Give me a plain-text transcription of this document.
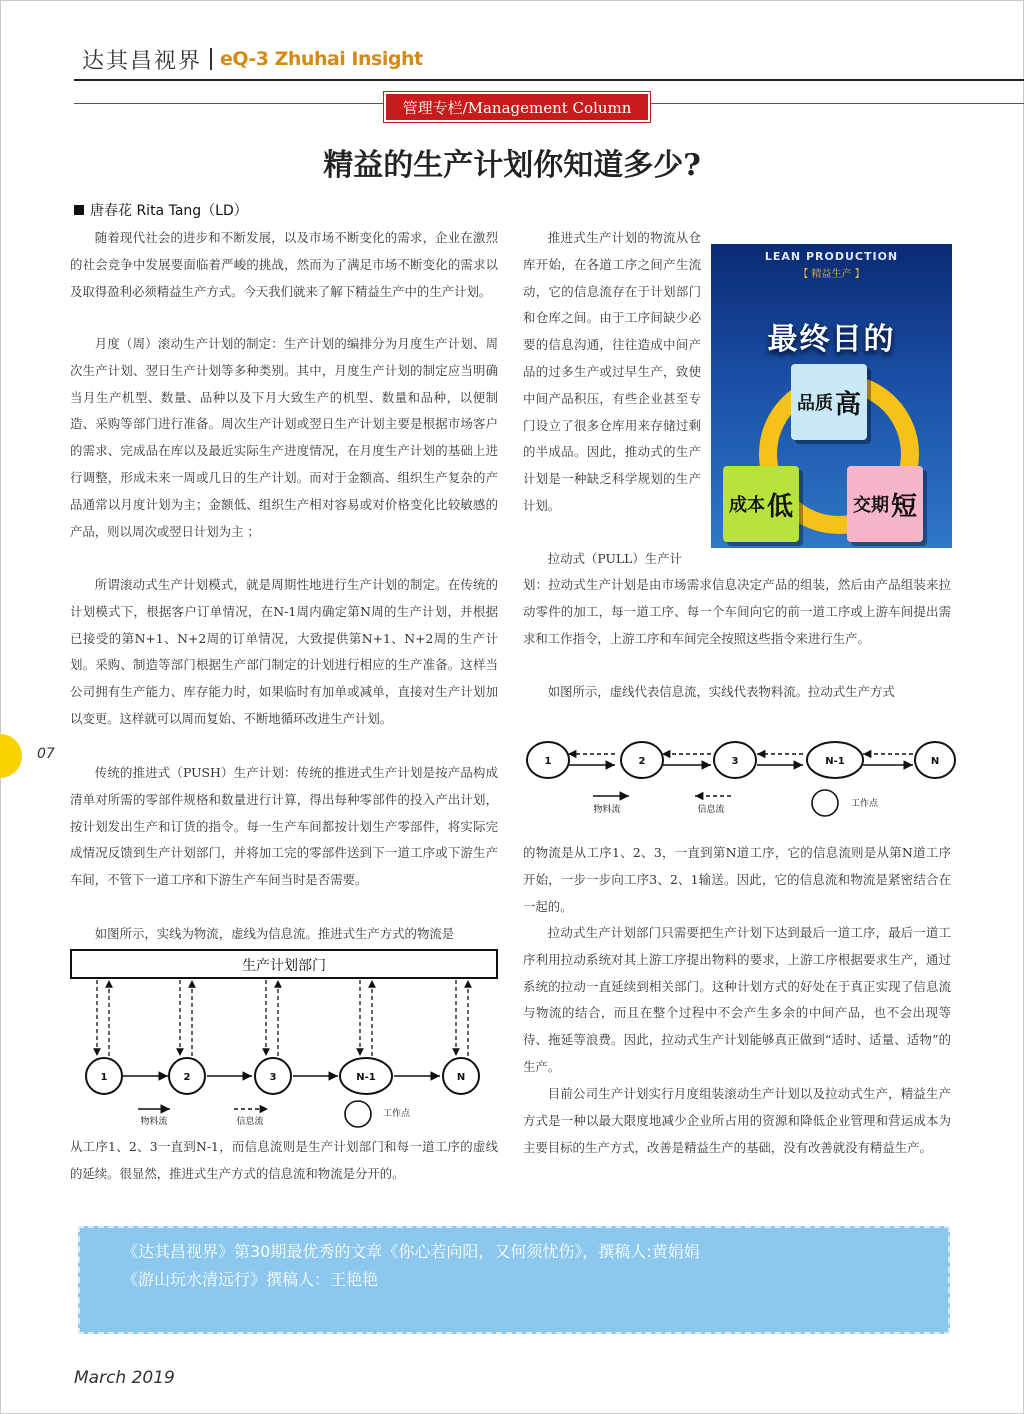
达其昌视界 eQ-3 Zhuhai Insight
管理专栏/Management Column
精益的生产计划你知道多少?
唐春花 Rita Tang（LD）

随着现代社会的进步和不断发展，以及市场不断变化的需求，企业在激烈的社会竞争中发展要面临着严峻的挑战，然而为了满足市场不断变化的需求以及取得盈利必须精益生产方式。今天我们就来了解下精益生产中的生产计划。

月度（周）滚动生产计划的制定：生产计划的编排分为月度生产计划、周次生产计划、翌日生产计划等多种类别。其中，月度生产计划的制定应当明确当月生产机型、数量、品种以及下月大致生产的机型、数量和品种，以便制造、采购等部门进行准备。周次生产计划或翌日生产计划主要是根据市场客户的需求、完成品在库以及最近实际生产进度情况，在月度生产计划的基础上进行调整，形成未来一周或几日的生产计划。而对于金额高、组织生产复杂的产品通常以月度计划为主；金额低、组织生产相对容易或对价格变化比较敏感的产品，则以周次或翌日计划为主 ；

所谓滚动式生产计划模式，就是周期性地进行生产计划的制定。在传统的计划模式下，根据客户订单情况，在N-1周内确定第N周的生产计划，并根据已接受的第N+1、N+2周的订单情况，大致提供第N+1、N+2周的生产计划。采购、制造等部门根据生产部门制定的计划进行相应的生产准备。这样当公司拥有生产能力、库存能力时，如果临时有加单或减单，直接对生产计划加以变更。这样就可以周而复始、不断地循环改进生产计划。

传统的推进式（PUSH）生产计划：传统的推进式生产计划是按产品构成清单对所需的零部件规格和数量进行计算，得出每种零部件的投入产出计划，按计划发出生产和订货的指令。每一生产车间都按计划生产零部件，将实际完成情况反馈到生产计划部门，并将加工完的零部件送到下一道工序或下游生产车间，不管下一道工序和下游生产车间当时是否需要。

如图所示，实线为物流，虚线为信息流。推进式生产方式的物流是

生产计划部门
1	2	3	N-1	N
物料流	信息流
工作点

从工序1、2、3一直到N-1，而信息流则是生产计划部门和每一道工序的虚线的延续。很显然，推进式生产方式的信息流和物流是分开的。

推进式生产计划的物流从仓库开始，在各道工序之间产生流动，它的信息流存在于计划部门和仓库之间。由于工序间缺少必要的信息沟通，往往造成中间产品的过多生产或过早生产，致使中间产品积压，有些企业甚至专门设立了很多仓库用来存储过剩的半成品。因此，推动式的生产计划是一种缺乏科学规划的生产计划。

拉动式（PULL）生产计

LEAN PRODUCTION
【 精益生产 】
最终目的
品质 高
成本 低	交期 短

划：拉动式生产计划是由市场需求信息决定产品的组装，然后由产品组装来拉动零件的加工，每一道工序、每一个车间向它的前一道工序或上游车间提出需求和工作指令，上游工序和车间完全按照这些指令来进行生产。

如图所示，虚线代表信息流，实线代表物料流。拉动式生产方式

1	2	3	N-1	N
物料流	信息流
工作点

的物流是从工序1、2、3，一直到第N道工序，它的信息流则是从第N道工序开始，一步一步向工序3、2、1输送。因此，它的信息流和物流是紧密结合在一起的。

拉动式生产计划部门只需要把生产计划下达到最后一道工序，最后一道工序利用拉动系统对其上游工序提出物料的要求，上游工序根据要求生产，通过系统的拉动一直延续到相关部门。这种计划方式的好处在于真正实现了信息流与物流的结合，而且在整个过程中不会产生多余的中间产品，也不会出现等待、拖延等浪费。因此，拉动式生产计划能够真正做到“适时、适量、适物”的生产。

目前公司生产计划实行月度组装滚动生产计划以及拉动式生产，精益生产方式是一种以最大限度地减少企业所占用的资源和降低企业管理和营运成本为主要目标的生产方式，改善是精益生产的基础，没有改善就没有精益生产。

《达其昌视界》第30期最优秀的文章《你心若向阳，又何须忧伤》，撰稿人:黄娟娟

《游山玩水清远行》撰稿人：王艳艳

07
March 2019
